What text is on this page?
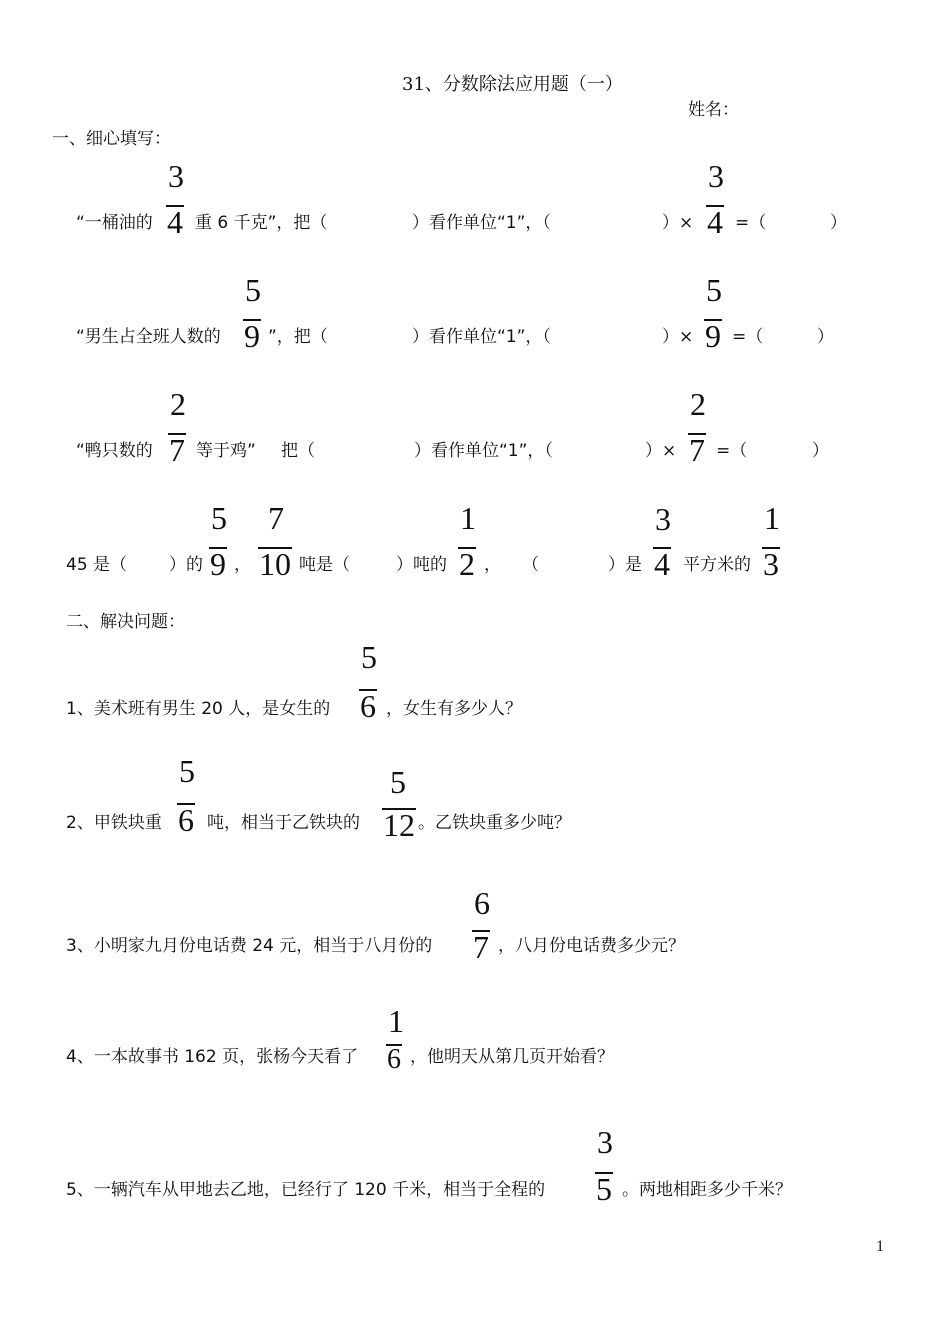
31、分数除法应用题（一）
姓名：
一、细心填写：
3
4
“一桶油的 重 6 千克”，把（	）看作单位“1”，（	）×
3
4 =（	）
5
9
“男生占全班人数的	”，把（	）看作单位“1”，（	）×
5
9 =（	）
2
7
“鸭只数的	等于鸡” 把（	）看作单位“1”，（	）×
2
7 =（	）
45 是（ ）的
5
9 ，
7
10 吨是（	）吨的
1
2 ， （	）是
3
4 平方米的
1
3
二、解决问题：
1、美术班有男生 20 人，是女生的
5
6 ，女生有多少人？
2、甲铁块重
5
6 吨，相当于乙铁块的
5
12 。乙铁块重多少吨？
3、小明家九月份电话费 24 元，相当于八月份的
6
7 ，八月份电话费多少元？
4、一本故事书 162 页，张杨今天看了
1
6 ，他明天从第几页开始看？
5、一辆汽车从甲地去乙地，已经行了 120 千米，相当于全程的
3
5 。两地相距多少千米？
1
